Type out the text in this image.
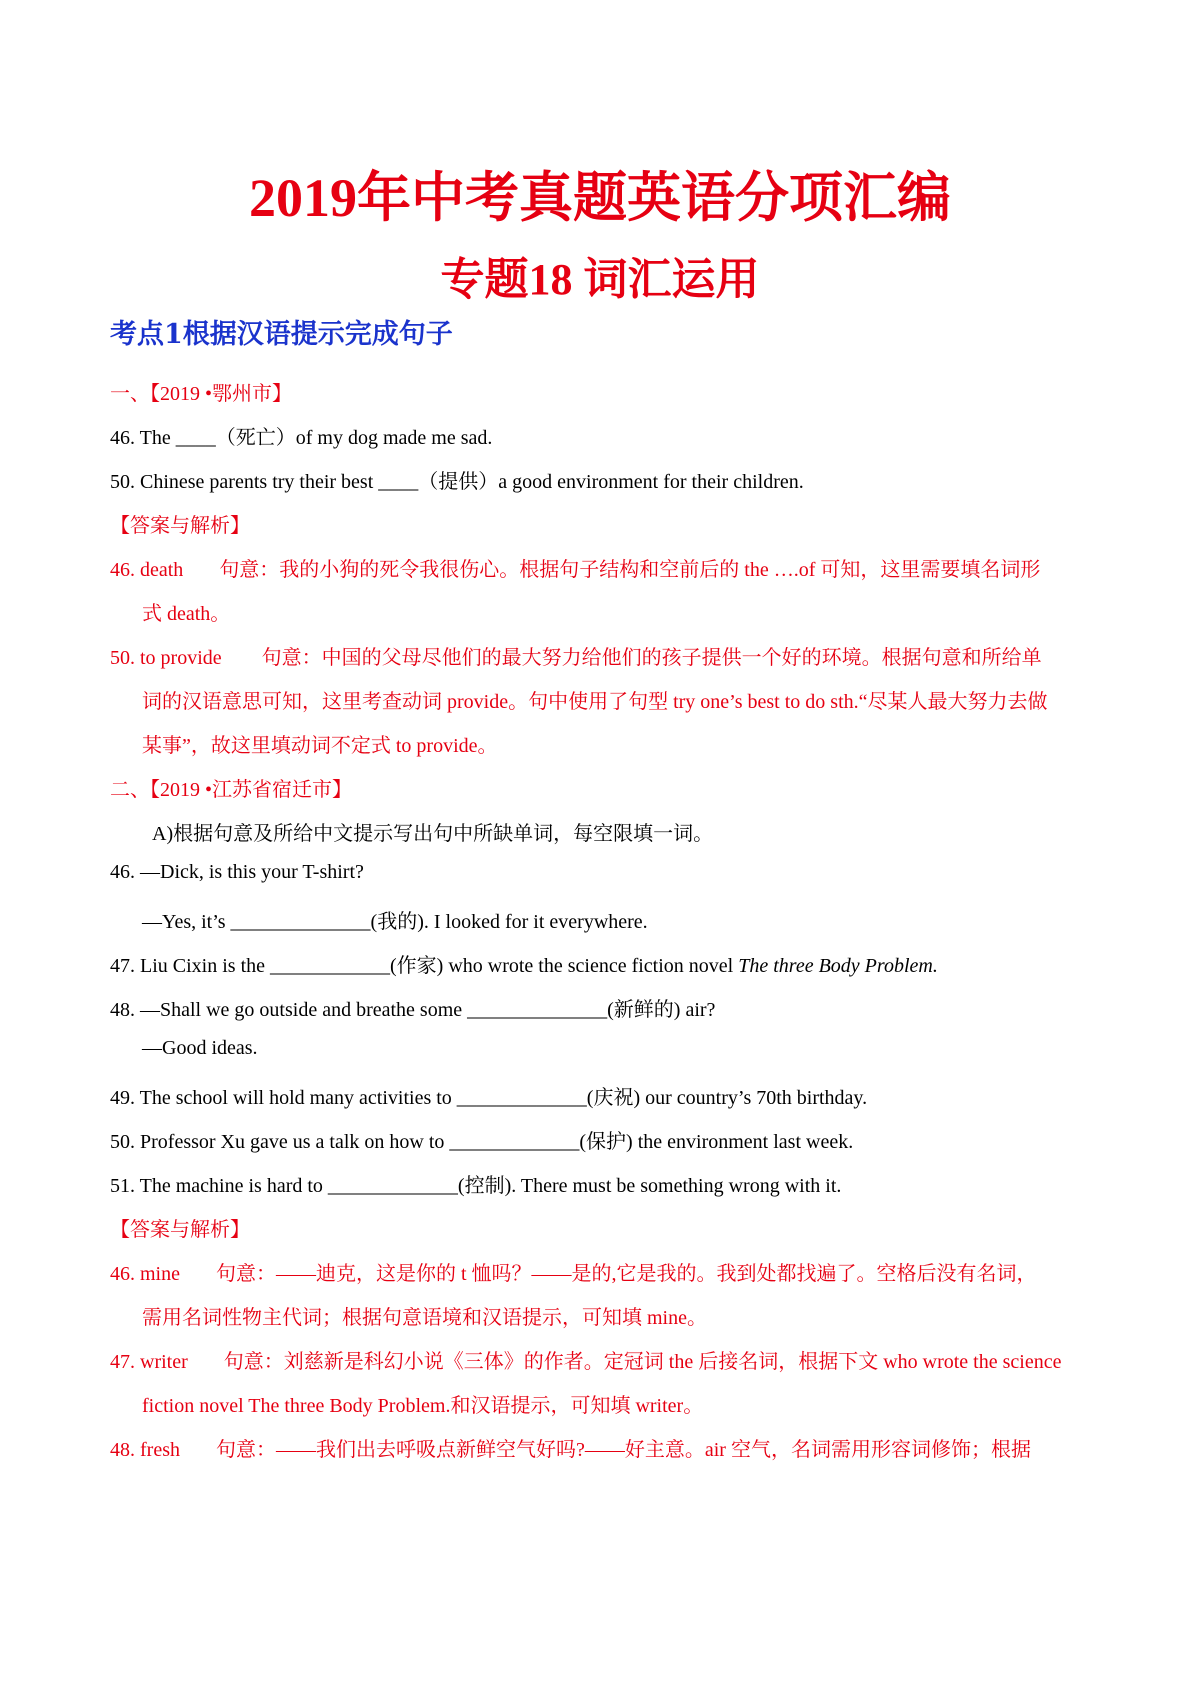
2019年中考真题英语分项汇编
专题18 词汇运用
考点1根据汉语提示完成句子
一、【2019 •鄂州市】
46. The ____（死亡）of my dog made me sad.
50. Chinese parents try their best ____（提供）a good environment for their children.
【答案与解析】
46. death 句意：我的小狗的死令我很伤心。根据句子结构和空前后的 the ….of 可知，这里需要填名词形
式 death。
50. to provide 句意：中国的父母尽他们的最大努力给他们的孩子提供一个好的环境。根据句意和所给单
词的汉语意思可知，这里考查动词 provide。句中使用了句型 try one’s best to do sth.“尽某人最大努力去做
某事”，故这里填动词不定式 to provide。
二、【2019 •江苏省宿迁市】
A)根据句意及所给中文提示写出句中所缺单词，每空限填一词。
46. —Dick, is this your T-shirt?
—Yes, it’s ______________(我的). I looked for it everywhere.
47. Liu Cixin is the ____________(作家) who wrote the science fiction novel The three Body Problem.
48. —Shall we go outside and breathe some ______________(新鲜的) air?
—Good ideas.
49. The school will hold many activities to _____________(庆祝) our country’s 70th birthday.
50. Professor Xu gave us a talk on how to _____________(保护) the environment last week.
51. The machine is hard to _____________(控制). There must be something wrong with it.
【答案与解析】
46. mine 句意：——迪克，这是你的 t 恤吗？——是的,它是我的。我到处都找遍了。空格后没有名词，
需用名词性物主代词；根据句意语境和汉语提示，可知填 mine。
47. writer 句意：刘慈新是科幻小说《三体》的作者。定冠词 the 后接名词，根据下文 who wrote the science
fiction novel The three Body Problem.和汉语提示，可知填 writer。
48. fresh 句意：——我们出去呼吸点新鲜空气好吗?——好主意。air 空气，名词需用形容词修饰；根据
